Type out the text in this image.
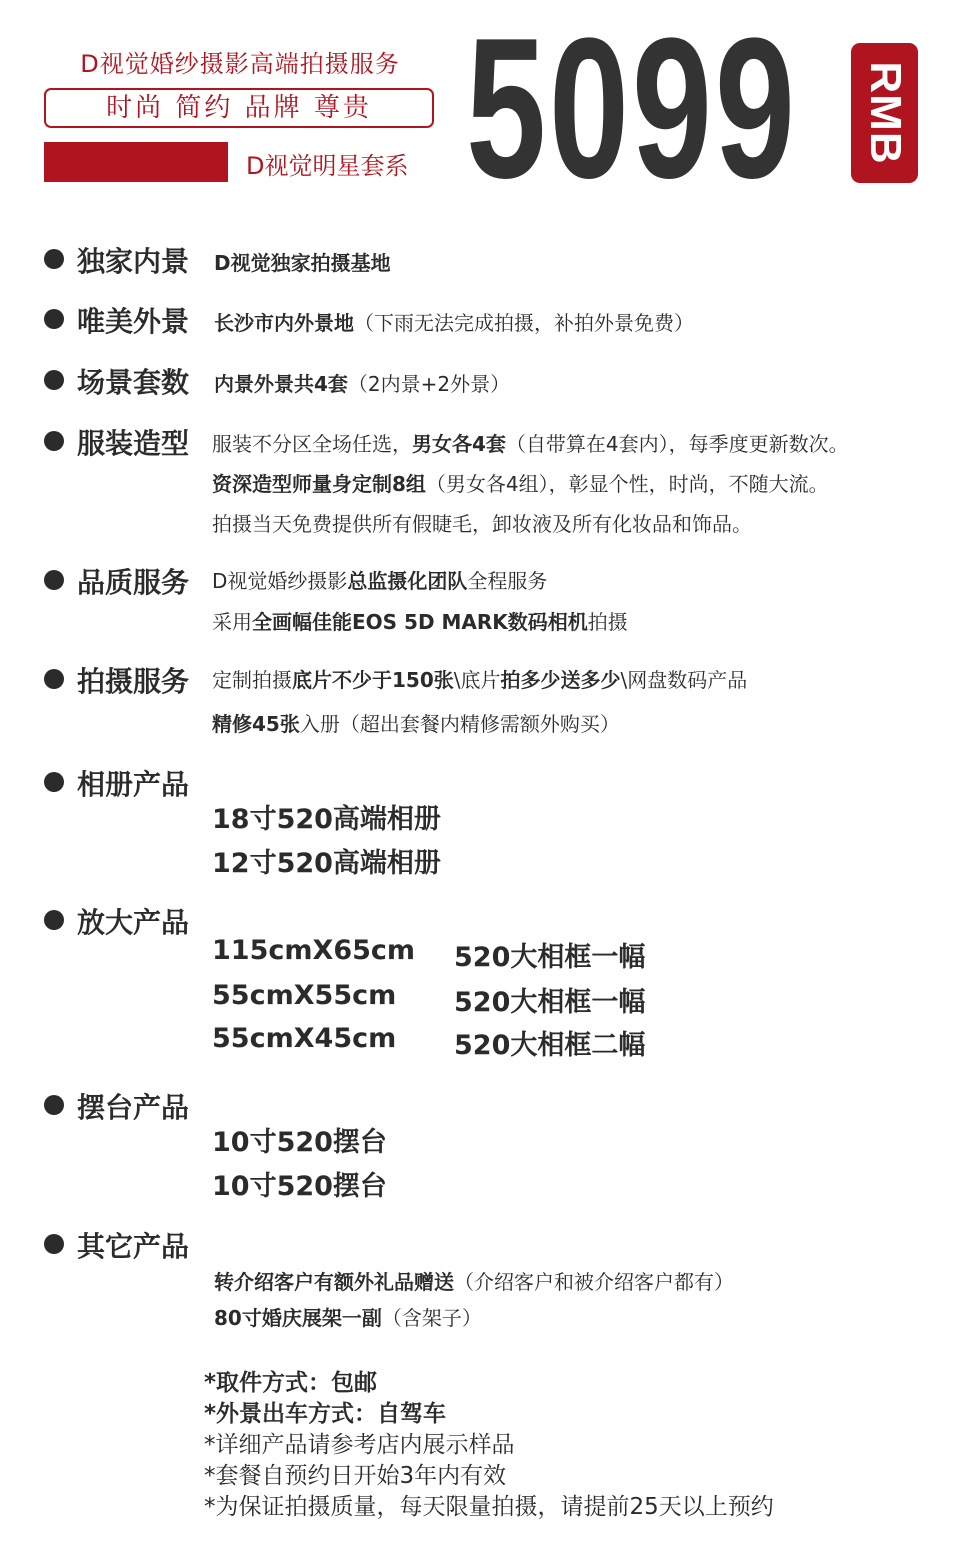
D视觉婚纱摄影高端拍摄服务
时尚 简约 品牌 尊贵
D视觉明星套系 5099 RMB
独家内景 D视觉独家拍摄基地
唯美外景 长沙市内外景地（下雨无法完成拍摄，补拍外景免费）
场景套数 内景外景共4套（2内景+2外景）
服装造型 服装不分区全场任选，男女各4套（自带算在4套内），每季度更新数次。
资深造型师量身定制8组（男女各4组），彰显个性，时尚，不随大流。
拍摄当天免费提供所有假睫毛，卸妆液及所有化妆品和饰品。
品质服务 D视觉婚纱摄影总监摄化团队全程服务
采用全画幅佳能EOS 5D MARK数码相机拍摄
拍摄服务 定制拍摄底片不少于150张\底片拍多少送多少\网盘数码产品
精修45张入册（超出套餐内精修需额外购买）
相册产品
18寸520高端相册
12寸520高端相册
放大产品
115cmX65cm 520大相框一幅
55cmX55cm 520大相框一幅
55cmX45cm 520大相框二幅
摆台产品
10寸520摆台
10寸520摆台
其它产品
转介绍客户有额外礼品赠送（介绍客户和被介绍客户都有）
80寸婚庆展架一副（含架子）
*取件方式：包邮
*外景出车方式：自驾车
*详细产品请参考店内展示样品
*套餐自预约日开始3年内有效
*为保证拍摄质量，每天限量拍摄，请提前25天以上预约
